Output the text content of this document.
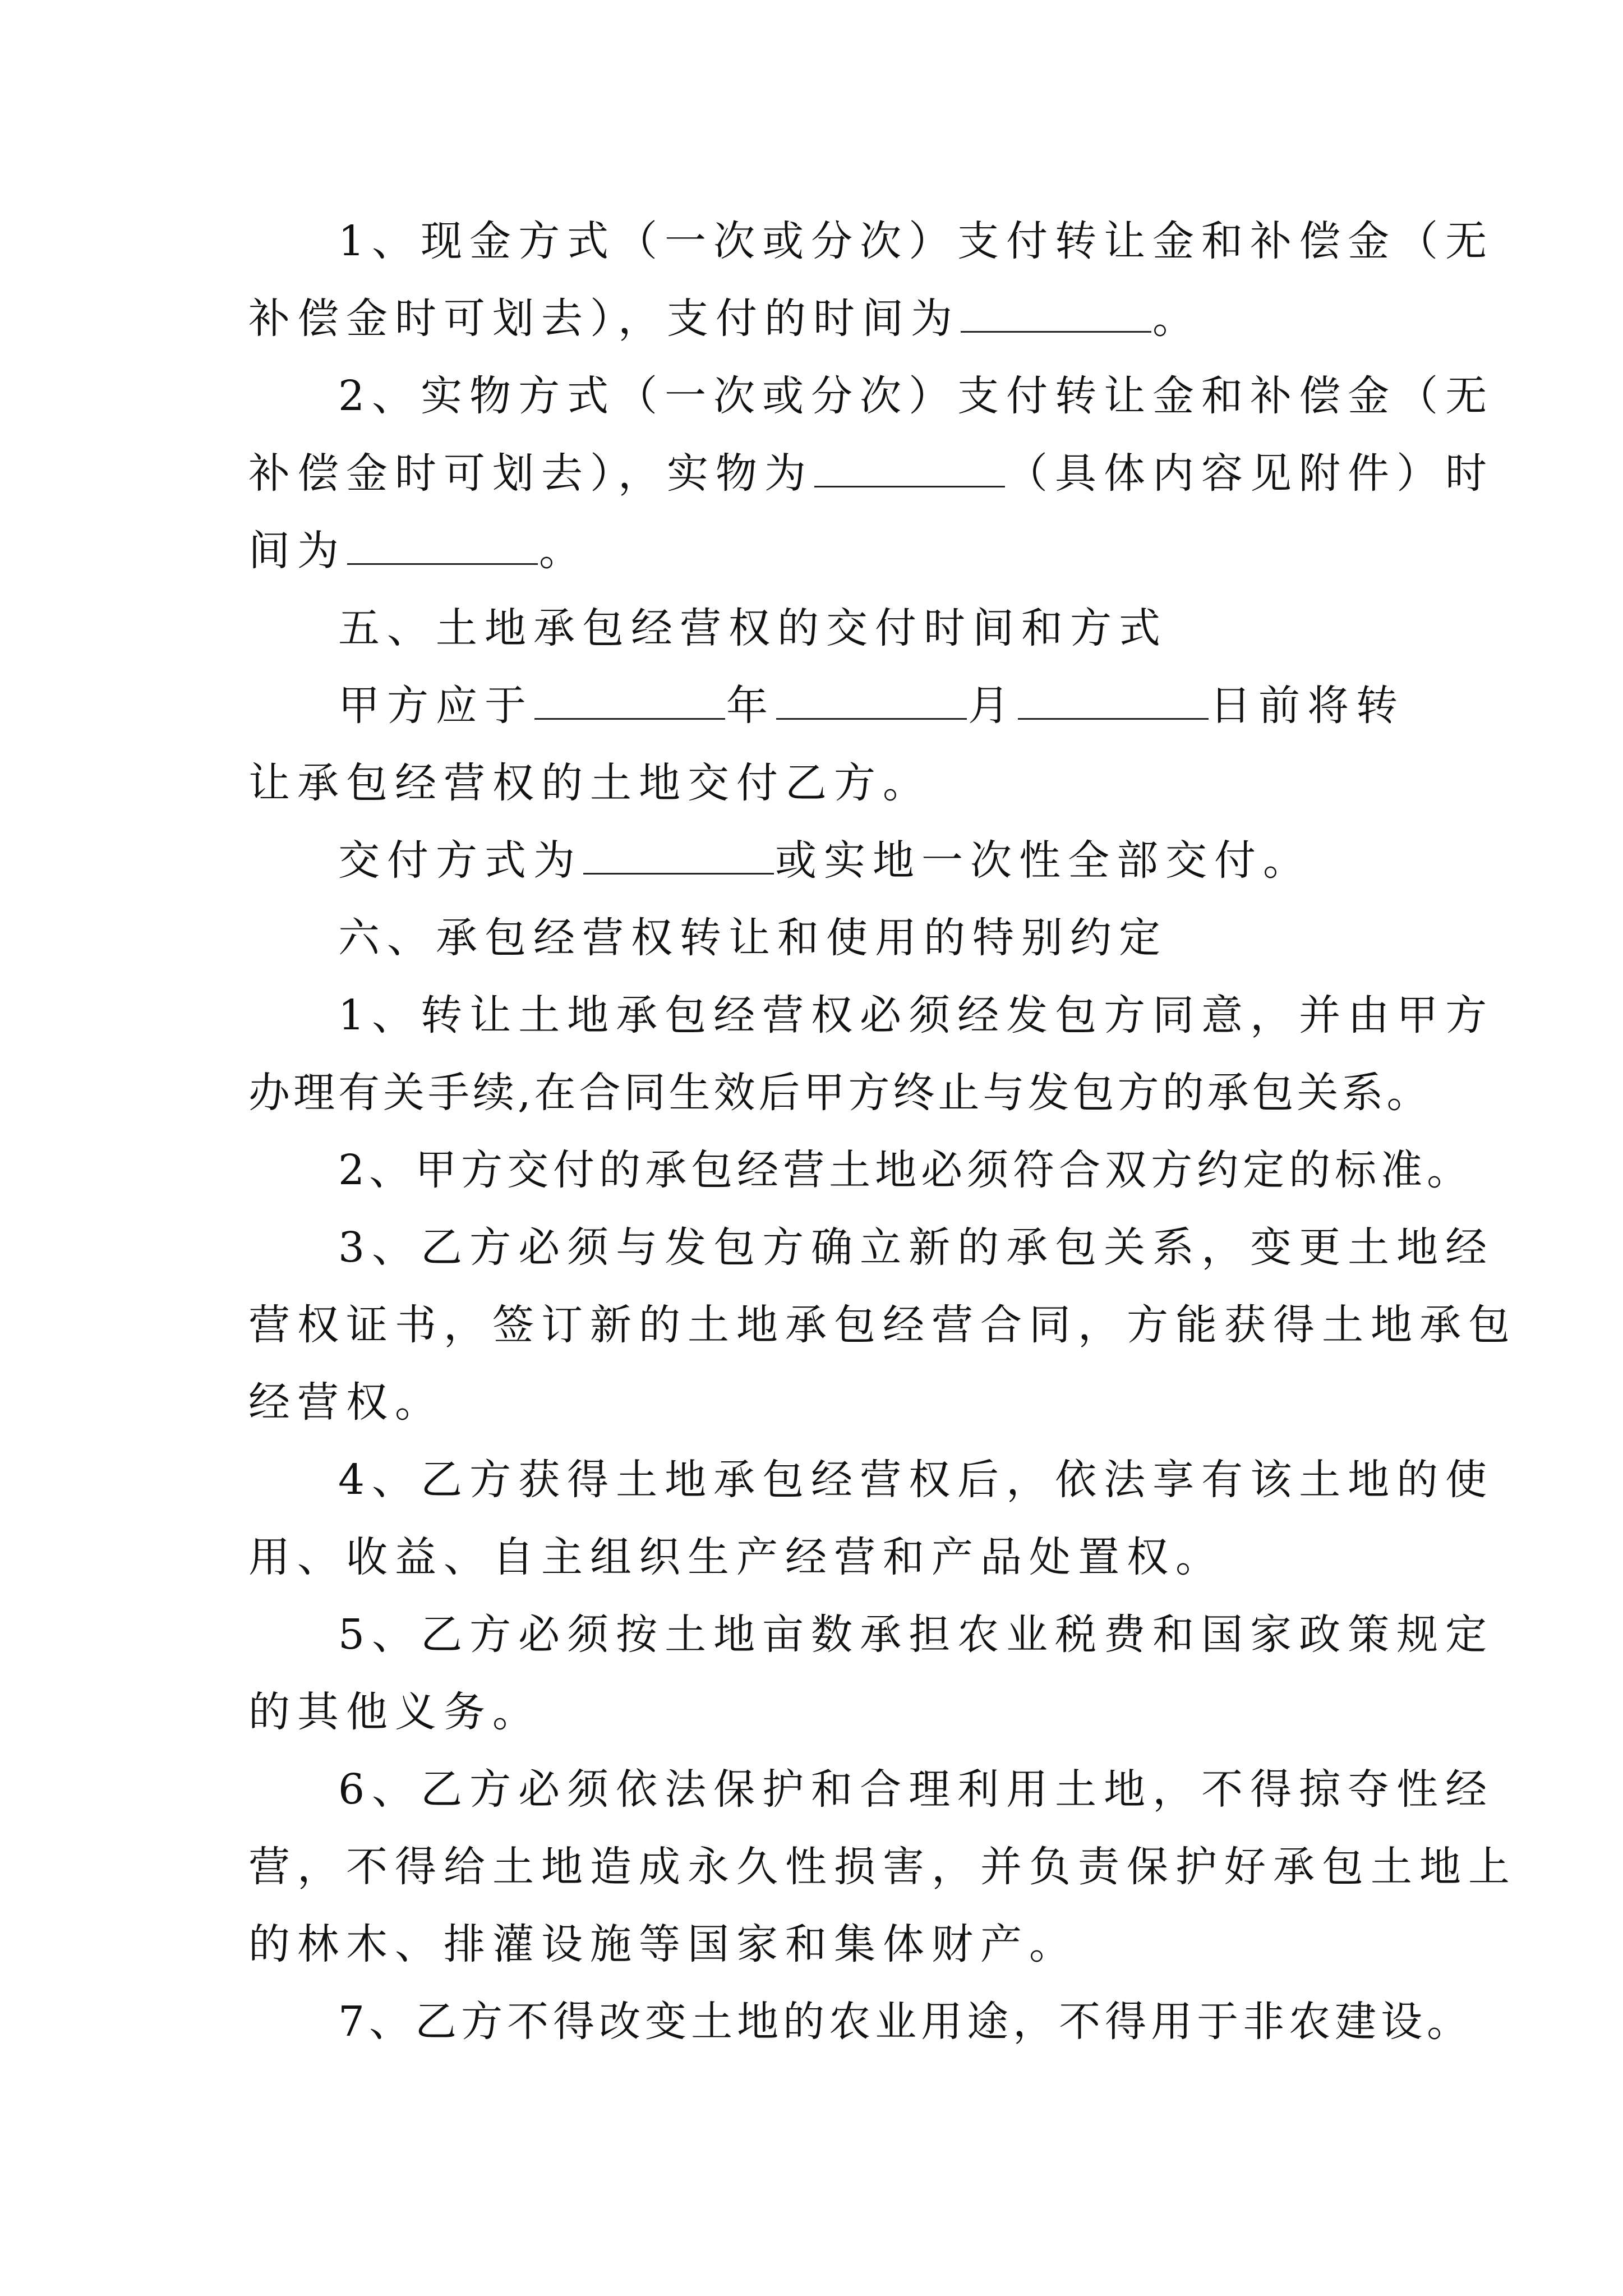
1、现金方式（一次或分次）支付转让金和补偿金（无
补偿金时可划去），支付的时间为	。
2、实物方式（一次或分次）支付转让金和补偿金（无
补偿金时可划去），实物为	（具体内容见附件）时
间为	。
五、土地承包经营权的交付时间和方式
甲方应于	年	月	日前将转
让承包经营权的土地交付乙方。
交付方式为	或实地一次性全部交付。
六、承包经营权转让和使用的特别约定
1、转让土地承包经营权必须经发包方同意，并由甲方
办理有关手续,在合同生效后甲方终止与发包方的承包关系。
2、甲方交付的承包经营土地必须符合双方约定的标准。
3、乙方必须与发包方确立新的承包关系，变更土地经
营权证书，签订新的土地承包经营合同，方能获得土地承包
经营权。
4、乙方获得土地承包经营权后，依法享有该土地的使
用、收益、自主组织生产经营和产品处置权。
5、乙方必须按土地亩数承担农业税费和国家政策规定
的其他义务。
6、乙方必须依法保护和合理利用土地，不得掠夺性经
营，不得给土地造成永久性损害，并负责保护好承包土地上
的林木、排灌设施等国家和集体财产。
7、乙方不得改变土地的农业用途，不得用于非农建设。
